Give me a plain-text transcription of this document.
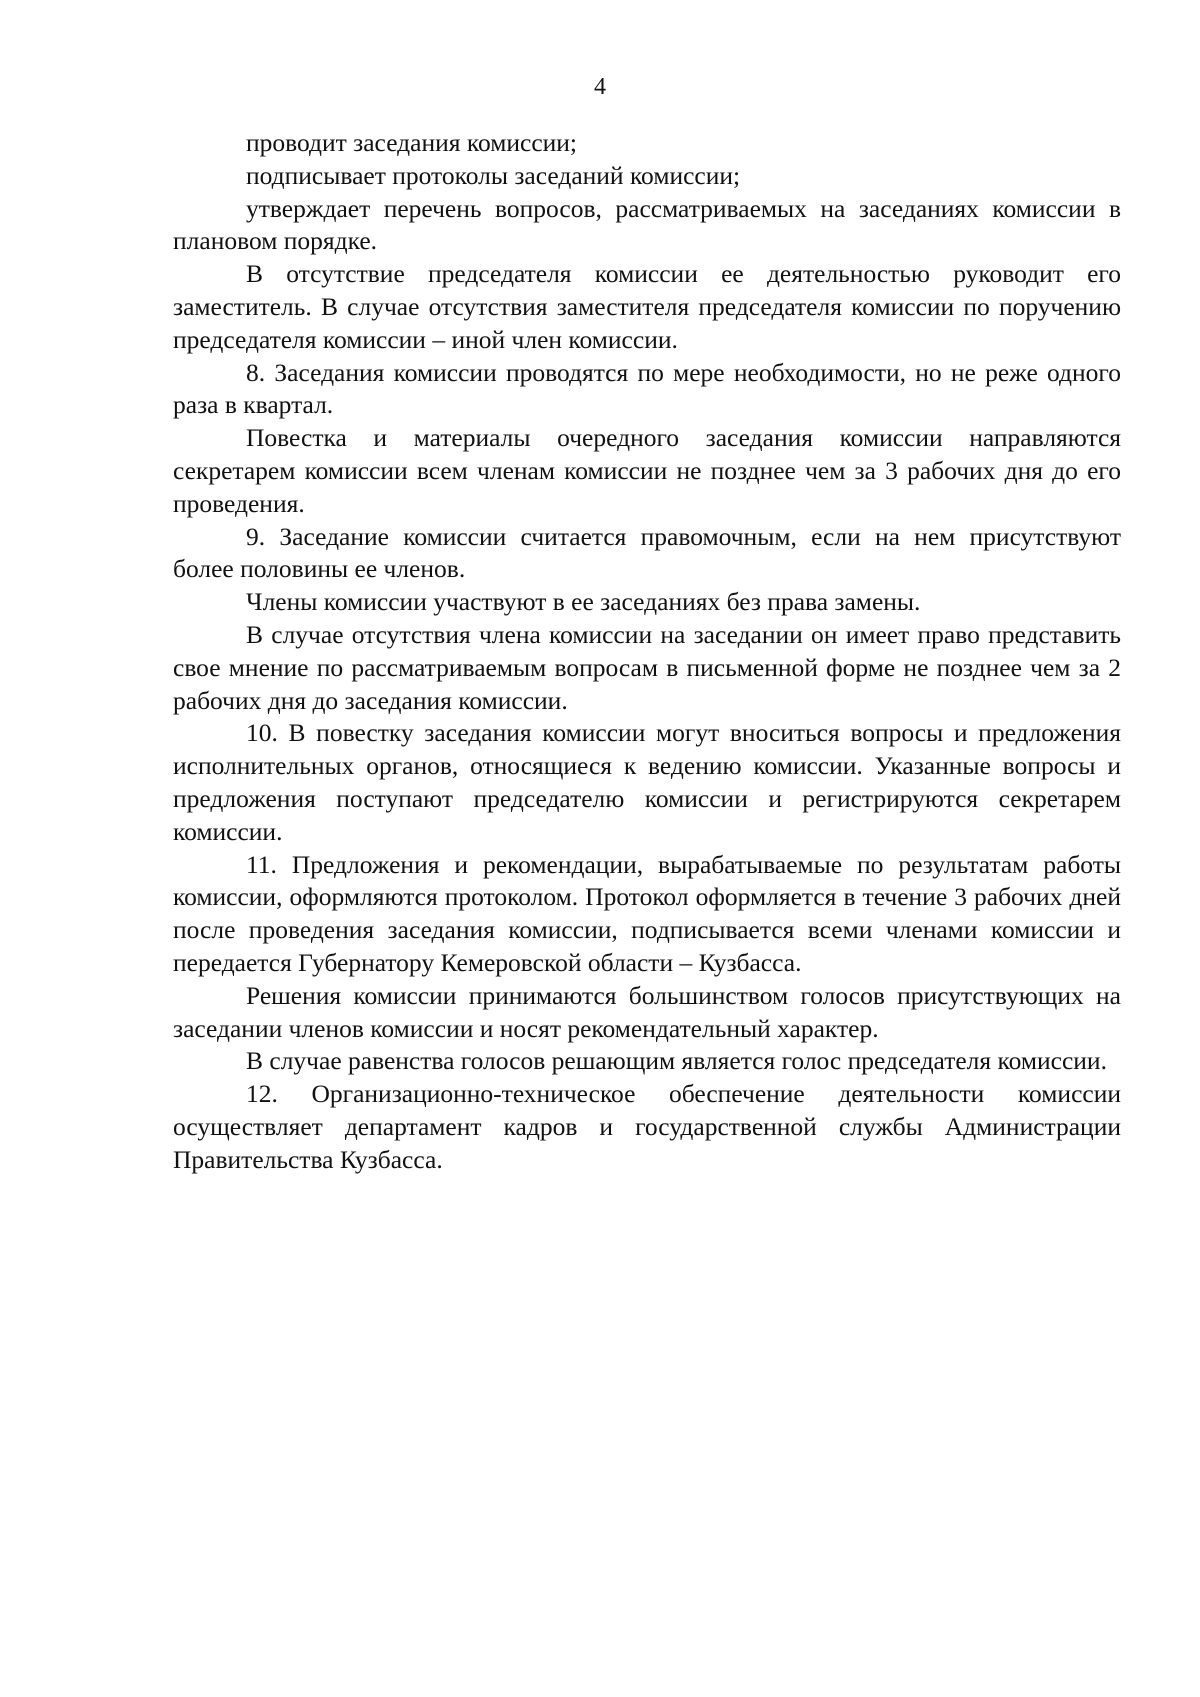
4

проводит заседания комиссии;

подписывает протоколы заседаний комиссии;

утверждает перечень вопросов, рассматриваемых на заседаниях комиссии в плановом порядке.

В отсутствие председателя комиссии ее деятельностью руководит его заместитель. В случае отсутствия заместителя председателя комиссии по поручению председателя комиссии – иной член комиссии.

8. Заседания комиссии проводятся по мере необходимости, но не реже одного раза в квартал.

Повестка и материалы очередного заседания комиссии направляются секретарем комиссии всем членам комиссии не позднее чем за 3 рабочих дня до его проведения.

9. Заседание комиссии считается правомочным, если на нем присутствуют более половины ее членов.

Члены комиссии участвуют в ее заседаниях без права замены.

В случае отсутствия члена комиссии на заседании он имеет право представить свое мнение по рассматриваемым вопросам в письменной форме не позднее чем за 2 рабочих дня до заседания комиссии.

10. В повестку заседания комиссии могут вноситься вопросы и предложения исполнительных органов, относящиеся к ведению комиссии. Указанные вопросы и предложения поступают председателю комиссии и регистрируются секретарем комиссии.

11. Предложения и рекомендации, вырабатываемые по результатам работы комиссии, оформляются протоколом. Протокол оформляется в течение 3 рабочих дней после проведения заседания комиссии, подписывается всеми членами комиссии и передается Губернатору Кемеровской области – Кузбасса.

Решения комиссии принимаются большинством голосов присутствующих на заседании членов комиссии и носят рекомендательный характер.

В случае равенства голосов решающим является голос председателя комиссии.

12. Организационно-техническое обеспечение деятельности комиссии осуществляет департамент кадров и государственной службы Администрации Правительства Кузбасса.
